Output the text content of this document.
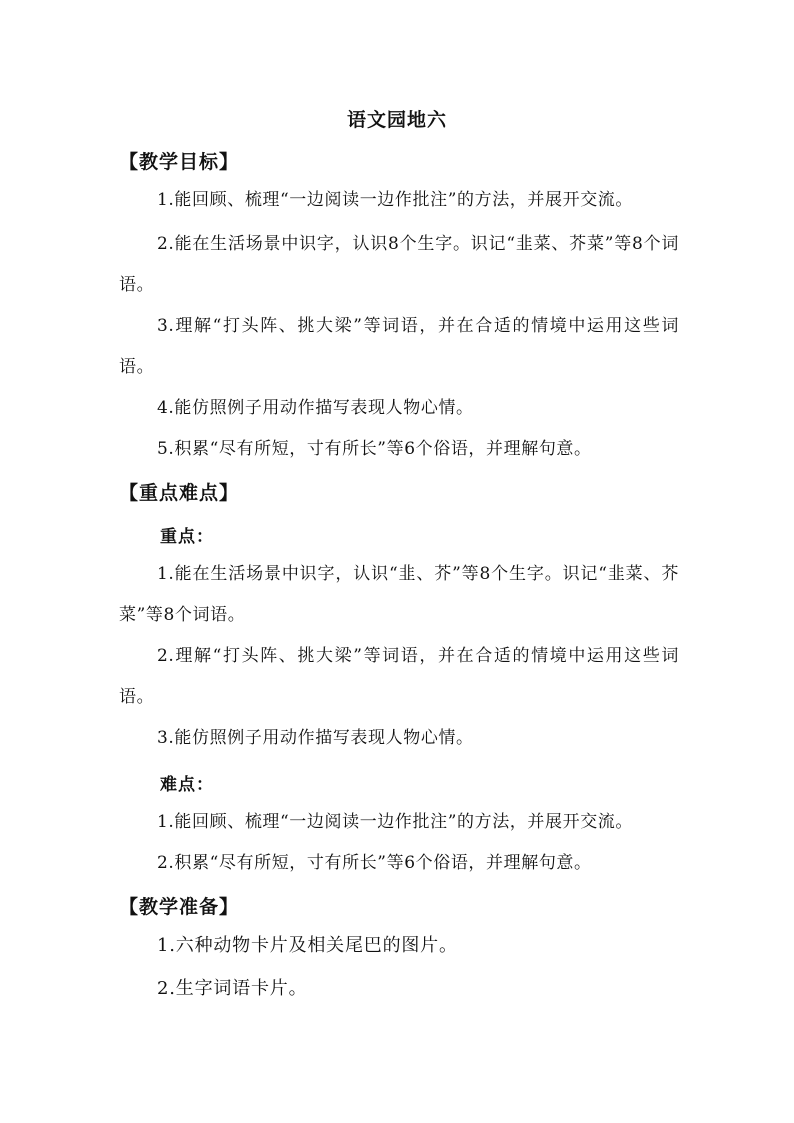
语文园地六
【教学目标】
1.能回顾、梳理“一边阅读一边作批注”的方法，并展开交流。
2.能在生活场景中识字，认识8个生字。识记“韭菜、芥菜”等8个词语。
3.理解“打头阵、挑大梁”等词语，并在合适的情境中运用这些词语。
4.能仿照例子用动作描写表现人物心情。
5.积累“尽有所短，寸有所长”等6个俗语，并理解句意。
【重点难点】
重点：
1.能在生活场景中识字，认识“韭、芥”等8个生字。识记“韭菜、芥菜”等8个词语。
2.理解“打头阵、挑大梁”等词语，并在合适的情境中运用这些词语。
3.能仿照例子用动作描写表现人物心情。
难点：
1.能回顾、梳理“一边阅读一边作批注”的方法，并展开交流。
2.积累“尽有所短，寸有所长”等6个俗语，并理解句意。
【教学准备】
1.六种动物卡片及相关尾巴的图片。
2.生字词语卡片。
